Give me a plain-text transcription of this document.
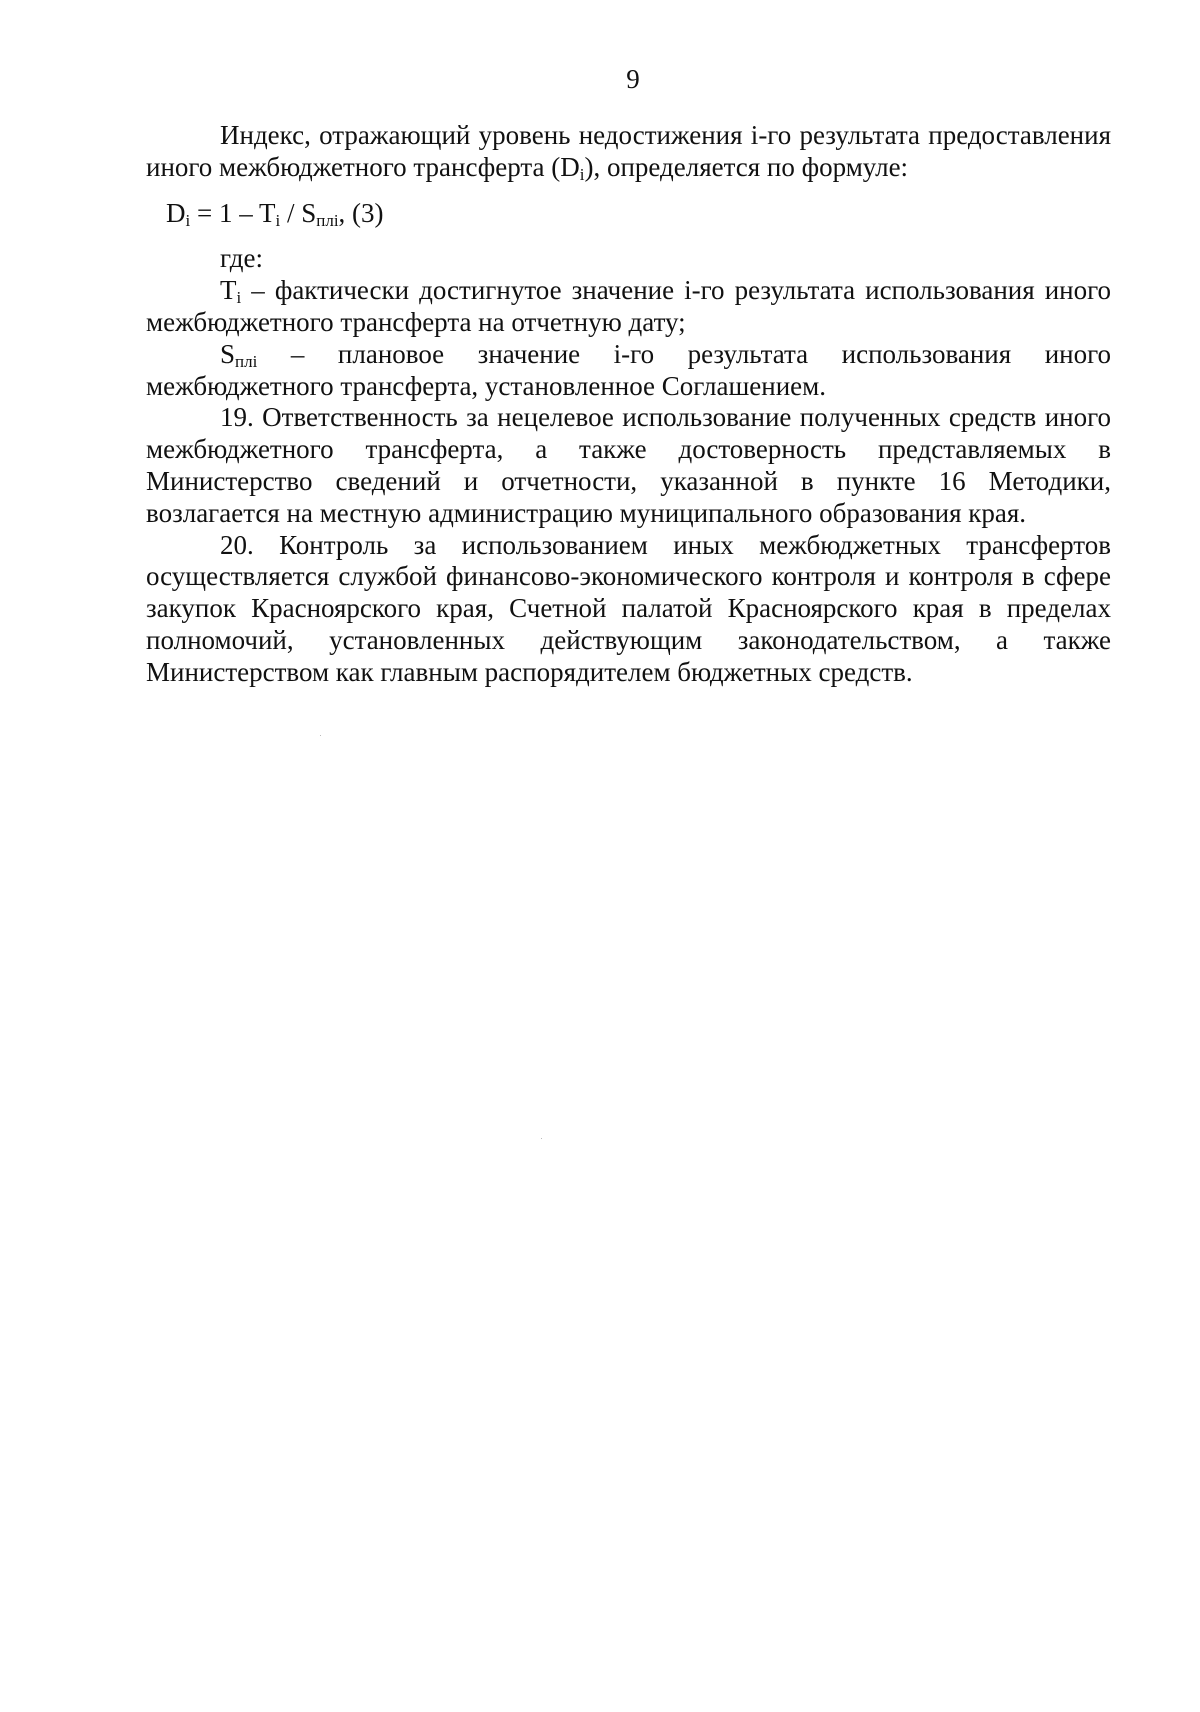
9

Индекс, отражающий уровень недостижения i-го результата предоставления иного межбюджетного трансферта $(D_i)$, определяется по формуле:

$D_i = 1 - T_i / S_{плi}$, (3)

где:

$T_i$ – фактически достигнутое значение i-го результата использования иного межбюджетного трансферта на отчетную дату;

$S_{плi}$ – плановое значение i-го результата использования иного межбюджетного трансферта, установленное Соглашением.

19. Ответственность за нецелевое использование полученных средств иного межбюджетного трансферта, а также достоверность представляемых в Министерство сведений и отчетности, указанной в пункте 16 Методики, возлагается на местную администрацию муниципального образования края.

20. Контроль за использованием иных межбюджетных трансфертов осуществляется службой финансово-экономического контроля и контроля в сфере закупок Красноярского края, Счетной палатой Красноярского края в пределах полномочий, установленных действующим законодательством, а также Министерством как главным распорядителем бюджетных средств.
